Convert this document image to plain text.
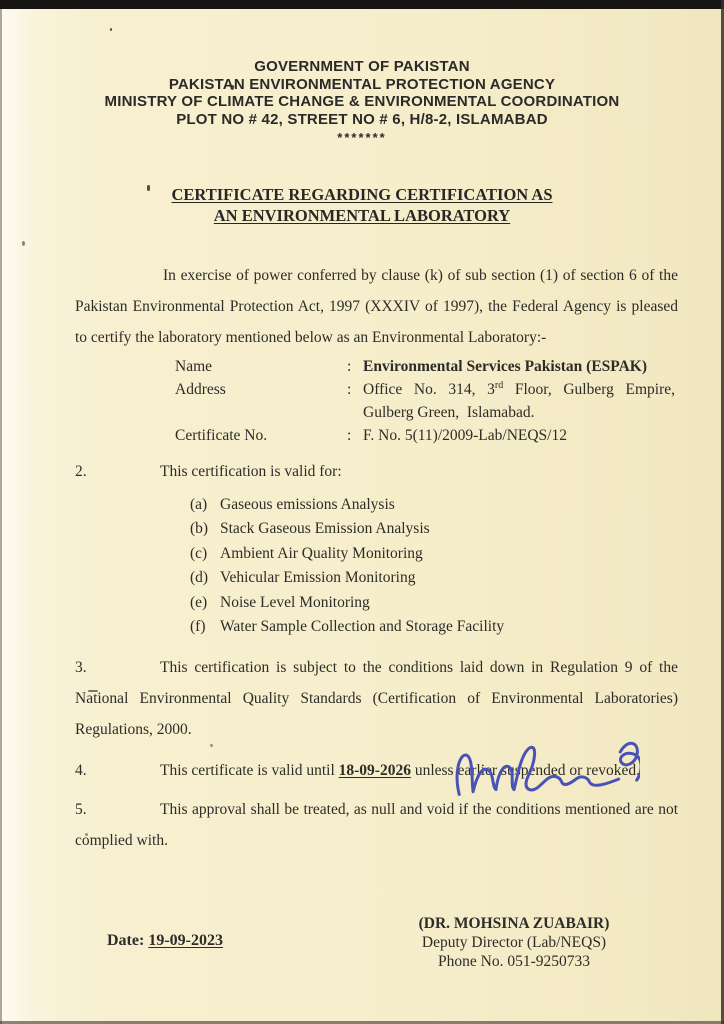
GOVERNMENT OF PAKISTAN
PAKISTAN ENVIRONMENTAL PROTECTION AGENCY
MINISTRY OF CLIMATE CHANGE & ENVIRONMENTAL COORDINATION
PLOT NO # 42, STREET NO # 6, H/8-2, ISLAMABAD
*******
CERTIFICATE REGARDING CERTIFICATION AS
AN ENVIRONMENTAL LABORATORY
In exercise of power conferred by clause (k) of sub section (1) of section 6 of the Pakistan Environmental Protection Act, 1997 (XXXIV of 1997), the Federal Agency is pleased to certify the laboratory mentioned below as an Environmental Laboratory:-
Name	: Environmental Services Pakistan (ESPAK)
Address	: Office No. 314, 3rd Floor, Gulberg Empire,
Gulberg Green,  Islamabad.
Certificate No.	: F. No. 5(11)/2009-Lab/NEQS/12
2.	This certification is valid for:
(a) Gaseous emissions Analysis
(b) Stack Gaseous Emission Analysis
(c) Ambient Air Quality Monitoring
(d) Vehicular Emission Monitoring
(e) Noise Level Monitoring
(f) Water Sample Collection and Storage Facility
3.	This certification is subject to the conditions laid down in Regulation 9 of the National Environmental Quality Standards (Certification of Environmental Laboratories) Regulations, 2000.
4.	This certificate is valid until 18-09-2026 unless earlier suspended or revoked.
5.	This approval shall be treated, as null and void if the conditions mentioned are not complied with.

Date: 19-09-2023

(DR. MOHSINA ZUABAIR)
Deputy Director (Lab/NEQS)
Phone No. 051-9250733
